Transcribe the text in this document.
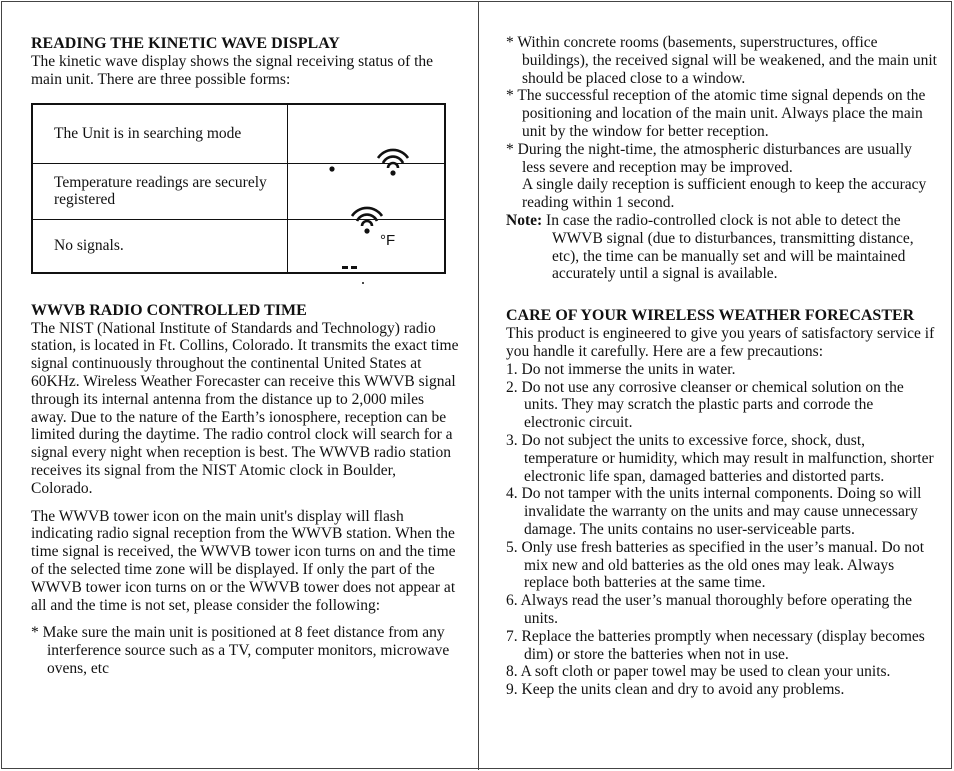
READING THE KINETIC WAVE DISPLAY

The kinetic wave display shows the signal receiving status of the main unit. There are three possible forms:

The Unit is in searching mode	

Temperature readings are securely registered	

No signals.	°F
WWVB RADIO CONTROLLED TIME

The NIST (National Institute of Standards and Technology) radio station, is located in Ft. Collins, Colorado. It transmits the exact time signal continuously throughout the continental United States at 60KHz. Wireless Weather Forecaster can receive this WWVB signal through its internal antenna from the distance up to 2,000 miles away. Due to the nature of the Earth’s ionosphere, reception can be limited during the daytime. The radio control clock will search for a signal every night when reception is best. The WWVB radio station receives its signal from the NIST Atomic clock in Boulder, Colorado.

The WWVB tower icon on the main unit's display will flash indicating radio signal reception from the WWVB station. When the time signal is received, the WWVB tower icon turns on and the time of the selected time zone will be displayed. If only the part of the WWVB tower icon turns on or the WWVB tower does not appear at all and the time is not set, please consider the following:

* Make sure the main unit is positioned at 8 feet distance from any interference source such as a TV, computer monitors, microwave ovens, etc

* Within concrete rooms (basements, superstructures, office buildings), the received signal will be weakened, and the main unit should be placed close to a window.

* The successful reception of the atomic time signal depends on the positioning and location of the main unit. Always place the main unit by the window for better reception.

* During the night-time, the atmospheric disturbances are usually less severe and reception may be improved.

A single daily reception is sufficient enough to keep the accuracy reading within 1 second.

Note: In case the radio-controlled clock is not able to detect the WWVB signal (due to disturbances, transmitting distance, etc), the time can be manually set and will be maintained accurately until a signal is available.

CARE OF YOUR WIRELESS WEATHER FORECASTER

This product is engineered to give you years of satisfactory service if you handle it carefully. Here are a few precautions:

1. Do not immerse the units in water.

2. Do not use any corrosive cleanser or chemical solution on the units. They may scratch the plastic parts and corrode the electronic circuit.

3. Do not subject the units to excessive force, shock, dust, temperature or humidity, which may result in malfunction, shorter electronic life span, damaged batteries and distorted parts.

4. Do not tamper with the units internal components. Doing so will invalidate the warranty on the units and may cause unnecessary damage. The units contains no user-serviceable parts.

5. Only use fresh batteries as specified in the user’s manual. Do not mix new and old batteries as the old ones may leak. Always replace both batteries at the same time.

6. Always read the user’s manual thoroughly before operating the units.

7. Replace the batteries promptly when necessary (display becomes dim) or store the batteries when not in use.

8. A soft cloth or paper towel may be used to clean your units.

9. Keep the units clean and dry to avoid any problems.
